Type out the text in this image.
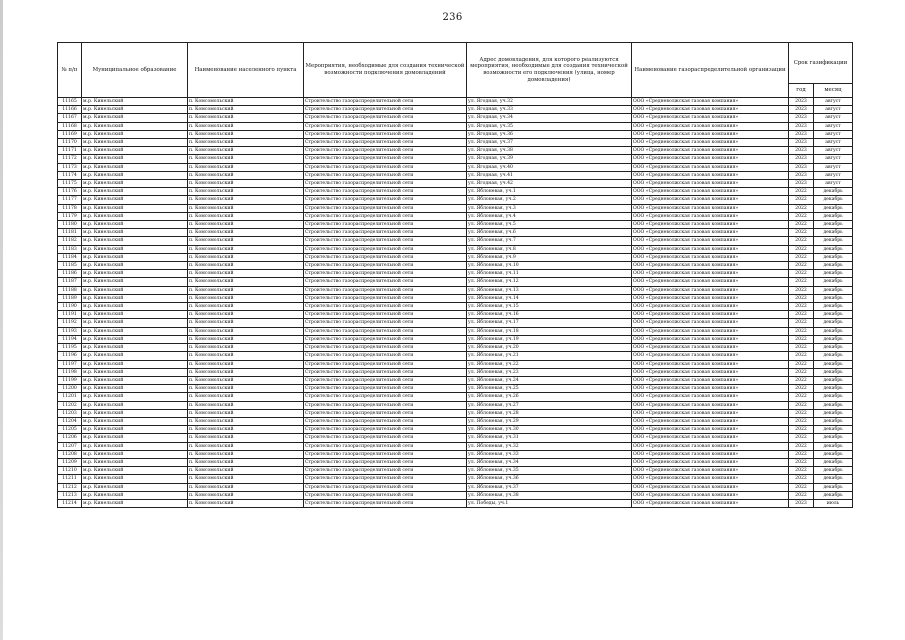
236
№ п/п	Муниципальное образование	Наименование населенного пункта	Мероприятия, необходимые для создания технической возможности подключения домовладений	Адрес домовладения, для которого реализуются мероприятия, необходимые для создания технической возможности его подключения (улица, номер домовладения)	Наименование газораспределительной организации	Срок газификации	
						год	месяц
11165	м.р. Кинельский	п. Комсомольский	Строительство газораспределительной сети	ул. Ягодная, уч.32	ООО «Средневолжская газовая компания»	2023	август
11166	м.р. Кинельский	п. Комсомольский	Строительство газораспределительной сети	ул. Ягодная, уч.33	ООО «Средневолжская газовая компания»	2023	август
11167	м.р. Кинельский	п. Комсомольский	Строительство газораспределительной сети	ул. Ягодная, уч.34	ООО «Средневолжская газовая компания»	2023	август
11168	м.р. Кинельский	п. Комсомольский	Строительство газораспределительной сети	ул. Ягодная, уч.35	ООО «Средневолжская газовая компания»	2023	август
11169	м.р. Кинельский	п. Комсомольский	Строительство газораспределительной сети	ул. Ягодная, уч.36	ООО «Средневолжская газовая компания»	2023	август
11170	м.р. Кинельский	п. Комсомольский	Строительство газораспределительной сети	ул. Ягодная, уч.37	ООО «Средневолжская газовая компания»	2023	август
11171	м.р. Кинельский	п. Комсомольский	Строительство газораспределительной сети	ул. Ягодная, уч.38	ООО «Средневолжская газовая компания»	2023	август
11172	м.р. Кинельский	п. Комсомольский	Строительство газораспределительной сети	ул. Ягодная, уч.39	ООО «Средневолжская газовая компания»	2023	август
11173	м.р. Кинельский	п. Комсомольский	Строительство газораспределительной сети	ул. Ягодная, уч.40	ООО «Средневолжская газовая компания»	2023	август
11174	м.р. Кинельский	п. Комсомольский	Строительство газораспределительной сети	ул. Ягодная, уч.41	ООО «Средневолжская газовая компания»	2023	август
11175	м.р. Кинельский	п. Комсомольский	Строительство газораспределительной сети	ул. Ягодная, уч.42	ООО «Средневолжская газовая компания»	2023	август
11176	м.р. Кинельский	п. Комсомольский	Строительство газораспределительной сети	ул. Яблоневая, уч.1	ООО «Средневолжская газовая компания»	2022	декабрь
11177	м.р. Кинельский	п. Комсомольский	Строительство газораспределительной сети	ул. Яблоневая, уч.2	ООО «Средневолжская газовая компания»	2022	декабрь
11178	м.р. Кинельский	п. Комсомольский	Строительство газораспределительной сети	ул. Яблоневая, уч.3	ООО «Средневолжская газовая компания»	2022	декабрь
11179	м.р. Кинельский	п. Комсомольский	Строительство газораспределительной сети	ул. Яблоневая, уч.4	ООО «Средневолжская газовая компания»	2022	декабрь
11180	м.р. Кинельский	п. Комсомольский	Строительство газораспределительной сети	ул. Яблоневая, уч.5	ООО «Средневолжская газовая компания»	2022	декабрь
11181	м.р. Кинельский	п. Комсомольский	Строительство газораспределительной сети	ул. Яблоневая, уч.6	ООО «Средневолжская газовая компания»	2022	декабрь
11182	м.р. Кинельский	п. Комсомольский	Строительство газораспределительной сети	ул. Яблоневая, уч.7	ООО «Средневолжская газовая компания»	2022	декабрь
11183	м.р. Кинельский	п. Комсомольский	Строительство газораспределительной сети	ул. Яблоневая, уч.8	ООО «Средневолжская газовая компания»	2022	декабрь
11184	м.р. Кинельский	п. Комсомольский	Строительство газораспределительной сети	ул. Яблоневая, уч.9	ООО «Средневолжская газовая компания»	2022	декабрь
11185	м.р. Кинельский	п. Комсомольский	Строительство газораспределительной сети	ул. Яблоневая, уч.10	ООО «Средневолжская газовая компания»	2022	декабрь
11186	м.р. Кинельский	п. Комсомольский	Строительство газораспределительной сети	ул. Яблоневая, уч.11	ООО «Средневолжская газовая компания»	2022	декабрь
11187	м.р. Кинельский	п. Комсомольский	Строительство газораспределительной сети	ул. Яблоневая, уч.12	ООО «Средневолжская газовая компания»	2022	декабрь
11188	м.р. Кинельский	п. Комсомольский	Строительство газораспределительной сети	ул. Яблоневая, уч.13	ООО «Средневолжская газовая компания»	2022	декабрь
11189	м.р. Кинельский	п. Комсомольский	Строительство газораспределительной сети	ул. Яблоневая, уч.14	ООО «Средневолжская газовая компания»	2022	декабрь
11190	м.р. Кинельский	п. Комсомольский	Строительство газораспределительной сети	ул. Яблоневая, уч.15	ООО «Средневолжская газовая компания»	2022	декабрь
11191	м.р. Кинельский	п. Комсомольский	Строительство газораспределительной сети	ул. Яблоневая, уч.16	ООО «Средневолжская газовая компания»	2022	декабрь
11192	м.р. Кинельский	п. Комсомольский	Строительство газораспределительной сети	ул. Яблоневая, уч.17	ООО «Средневолжская газовая компания»	2022	декабрь
11193	м.р. Кинельский	п. Комсомольский	Строительство газораспределительной сети	ул. Яблоневая, уч.18	ООО «Средневолжская газовая компания»	2022	декабрь
11194	м.р. Кинельский	п. Комсомольский	Строительство газораспределительной сети	ул. Яблоневая, уч.19	ООО «Средневолжская газовая компания»	2022	декабрь
11195	м.р. Кинельский	п. Комсомольский	Строительство газораспределительной сети	ул. Яблоневая, уч.20	ООО «Средневолжская газовая компания»	2022	декабрь
11196	м.р. Кинельский	п. Комсомольский	Строительство газораспределительной сети	ул. Яблоневая, уч.21	ООО «Средневолжская газовая компания»	2022	декабрь
11197	м.р. Кинельский	п. Комсомольский	Строительство газораспределительной сети	ул. Яблоневая, уч.22	ООО «Средневолжская газовая компания»	2022	декабрь
11198	м.р. Кинельский	п. Комсомольский	Строительство газораспределительной сети	ул. Яблоневая, уч.23	ООО «Средневолжская газовая компания»	2022	декабрь
11199	м.р. Кинельский	п. Комсомольский	Строительство газораспределительной сети	ул. Яблоневая, уч.24	ООО «Средневолжская газовая компания»	2022	декабрь
11200	м.р. Кинельский	п. Комсомольский	Строительство газораспределительной сети	ул. Яблоневая, уч.25	ООО «Средневолжская газовая компания»	2022	декабрь
11201	м.р. Кинельский	п. Комсомольский	Строительство газораспределительной сети	ул. Яблоневая, уч.26	ООО «Средневолжская газовая компания»	2022	декабрь
11202	м.р. Кинельский	п. Комсомольский	Строительство газораспределительной сети	ул. Яблоневая, уч.27	ООО «Средневолжская газовая компания»	2022	декабрь
11203	м.р. Кинельский	п. Комсомольский	Строительство газораспределительной сети	ул. Яблоневая, уч.28	ООО «Средневолжская газовая компания»	2022	декабрь
11204	м.р. Кинельский	п. Комсомольский	Строительство газораспределительной сети	ул. Яблоневая, уч.29	ООО «Средневолжская газовая компания»	2022	декабрь
11205	м.р. Кинельский	п. Комсомольский	Строительство газораспределительной сети	ул. Яблоневая, уч.30	ООО «Средневолжская газовая компания»	2022	декабрь
11206	м.р. Кинельский	п. Комсомольский	Строительство газораспределительной сети	ул. Яблоневая, уч.31	ООО «Средневолжская газовая компания»	2022	декабрь
11207	м.р. Кинельский	п. Комсомольский	Строительство газораспределительной сети	ул. Яблоневая, уч.32	ООО «Средневолжская газовая компания»	2022	декабрь
11208	м.р. Кинельский	п. Комсомольский	Строительство газораспределительной сети	ул. Яблоневая, уч.33	ООО «Средневолжская газовая компания»	2022	декабрь
11209	м.р. Кинельский	п. Комсомольский	Строительство газораспределительной сети	ул. Яблоневая, уч.34	ООО «Средневолжская газовая компания»	2022	декабрь
11210	м.р. Кинельский	п. Комсомольский	Строительство газораспределительной сети	ул. Яблоневая, уч.35	ООО «Средневолжская газовая компания»	2022	декабрь
11211	м.р. Кинельский	п. Комсомольский	Строительство газораспределительной сети	ул. Яблоневая, уч.36	ООО «Средневолжская газовая компания»	2022	декабрь
11212	м.р. Кинельский	п. Комсомольский	Строительство газораспределительной сети	ул. Яблоневая, уч.37	ООО «Средневолжская газовая компания»	2022	декабрь
11213	м.р. Кинельский	п. Комсомольский	Строительство газораспределительной сети	ул. Яблоневая, уч.38	ООО «Средневолжская газовая компания»	2022	декабрь
11214	м.р. Кинельский	п. Комсомольский	Строительство газораспределительной сети	ул. Победы, уч.1	ООО «Средневолжская газовая компания»	2023	июль
